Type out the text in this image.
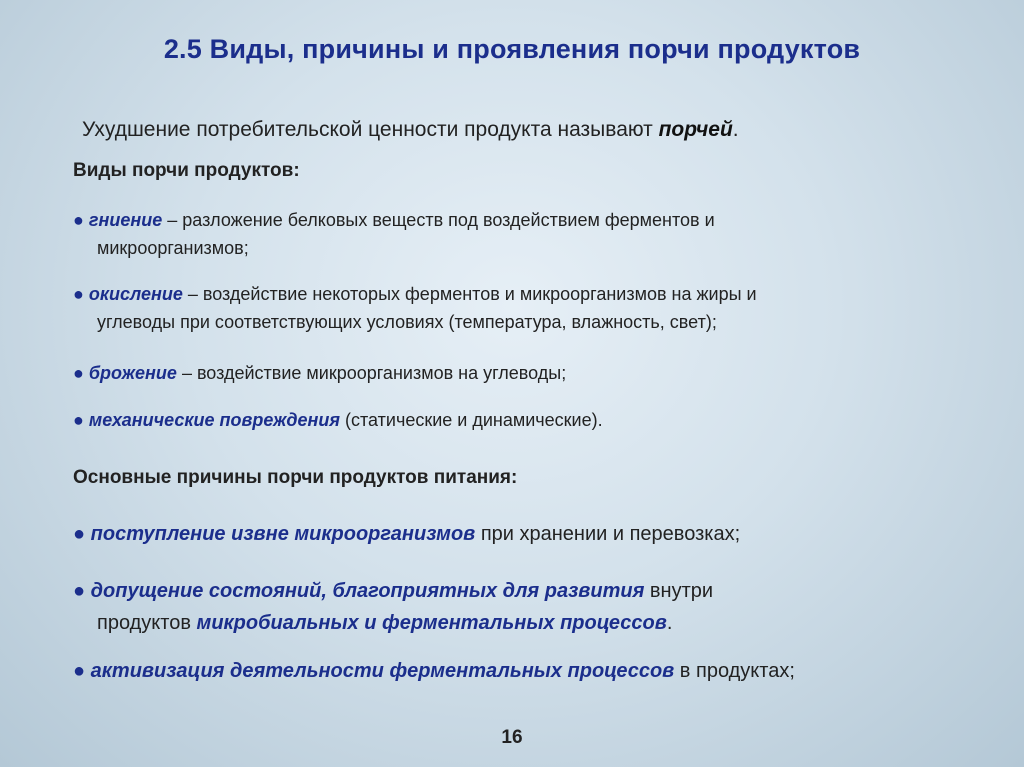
2.5 Виды, причины и проявления порчи продуктов
Ухудшение потребительской ценности продукта называют порчей.
Виды порчи продуктов:
● гниение – разложение белковых веществ под воздействием ферментов и
микроорганизмов;
● окисление – воздействие некоторых ферментов и микроорганизмов на жиры и
углеводы при соответствующих условиях (температура, влажность, свет);
● брожение – воздействие микроорганизмов на углеводы;
● механические повреждения (статические и динамические).
Основные причины порчи продуктов питания:
● поступление извне микроорганизмов при хранении и перевозках;
● допущение состояний, благоприятных для развития внутри
продуктов микробиальных и ферментальных процессов.
● активизация деятельности ферментальных процессов в продуктах;
16
